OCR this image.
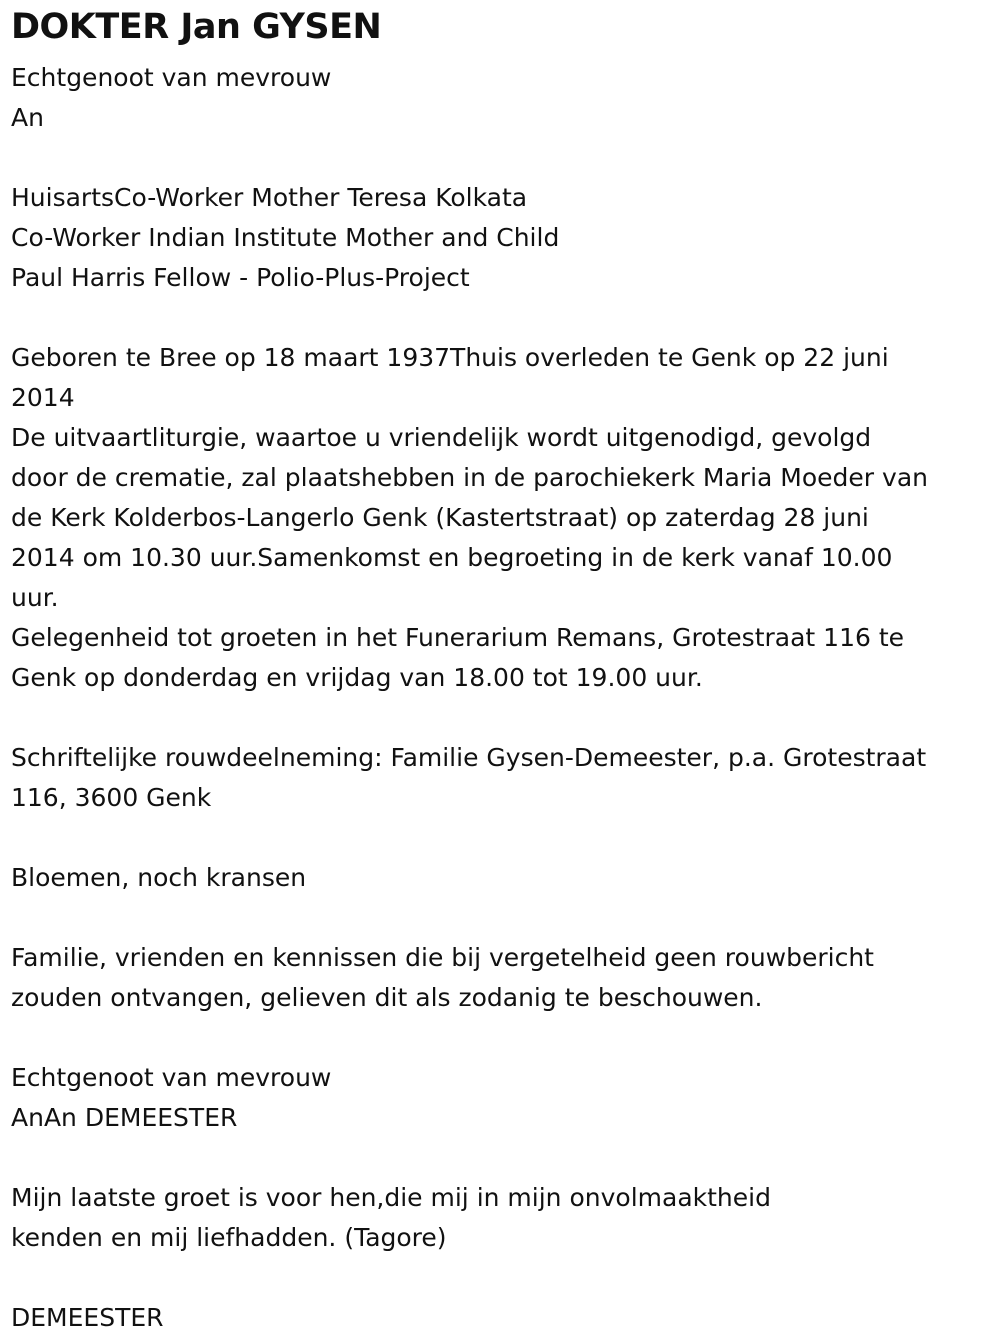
DOKTER Jan GYSEN
Echtgenoot van mevrouw
An
HuisartsCo-Worker Mother Teresa Kolkata
Co-Worker Indian Institute Mother and Child
Paul Harris Fellow - Polio-Plus-Project
Geboren te Bree op 18 maart 1937Thuis overleden te Genk op 22 juni
2014
De uitvaartliturgie, waartoe u vriendelijk wordt uitgenodigd, gevolgd
door de crematie, zal plaatshebben in de parochiekerk Maria Moeder van
de Kerk Kolderbos-Langerlo Genk (Kastertstraat) op zaterdag 28 juni
2014 om 10.30 uur.Samenkomst en begroeting in de kerk vanaf 10.00
uur.
Gelegenheid tot groeten in het Funerarium Remans, Grotestraat 116 te
Genk op donderdag en vrijdag van 18.00 tot 19.00 uur.
Schriftelijke rouwdeelneming: Familie Gysen-Demeester, p.a. Grotestraat
116, 3600 Genk
Bloemen, noch kransen
Familie, vrienden en kennissen die bij vergetelheid geen rouwbericht
zouden ontvangen, gelieven dit als zodanig te beschouwen.
Echtgenoot van mevrouw
AnAn DEMEESTER
Mijn laatste groet is voor hen,die mij in mijn onvolmaaktheid
kenden en mij liefhadden. (Tagore)
DEMEESTER
